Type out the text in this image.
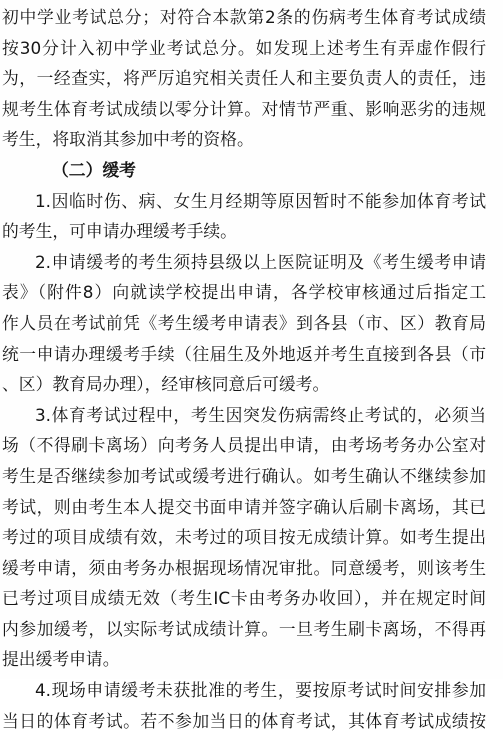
初中学业考试总分；对符合本款第2条的伤病考生体育考试成绩
按30分计入初中学业考试总分。如发现上述考生有弄虚作假行
为，一经查实，将严厉追究相关责任人和主要负责人的责任，违
规考生体育考试成绩以零分计算。对情节严重、影响恶劣的违规
考生，将取消其参加中考的资格。
（二）缓考
1.因临时伤、病、女生月经期等原因暂时不能参加体育考试
的考生，可申请办理缓考手续。
2.申请缓考的考生须持县级以上医院证明及《考生缓考申请
表》（附件8）向就读学校提出申请，各学校审核通过后指定工
作人员在考试前凭《考生缓考申请表》到各县（市、区）教育局
统一申请办理缓考手续（往届生及外地返并考生直接到各县（市
、区）教育局办理），经审核同意后可缓考。
3.体育考试过程中，考生因突发伤病需终止考试的，必须当
场（不得刷卡离场）向考务人员提出申请，由考场考务办公室对
考生是否继续参加考试或缓考进行确认。如考生确认不继续参加
考试，则由考生本人提交书面申请并签字确认后刷卡离场，其已
考过的项目成绩有效，未考过的项目按无成绩计算。如考生提出
缓考申请，须由考务办根据现场情况审批。同意缓考，则该考生
已考过项目成绩无效（考生IC卡由考务办收回），并在规定时间
内参加缓考，以实际考试成绩计算。一旦考生刷卡离场，不得再
提出缓考申请。
4.现场申请缓考未获批准的考生，要按原考试时间安排参加
当日的体育考试。若不参加当日的体育考试，其体育考试成绩按
